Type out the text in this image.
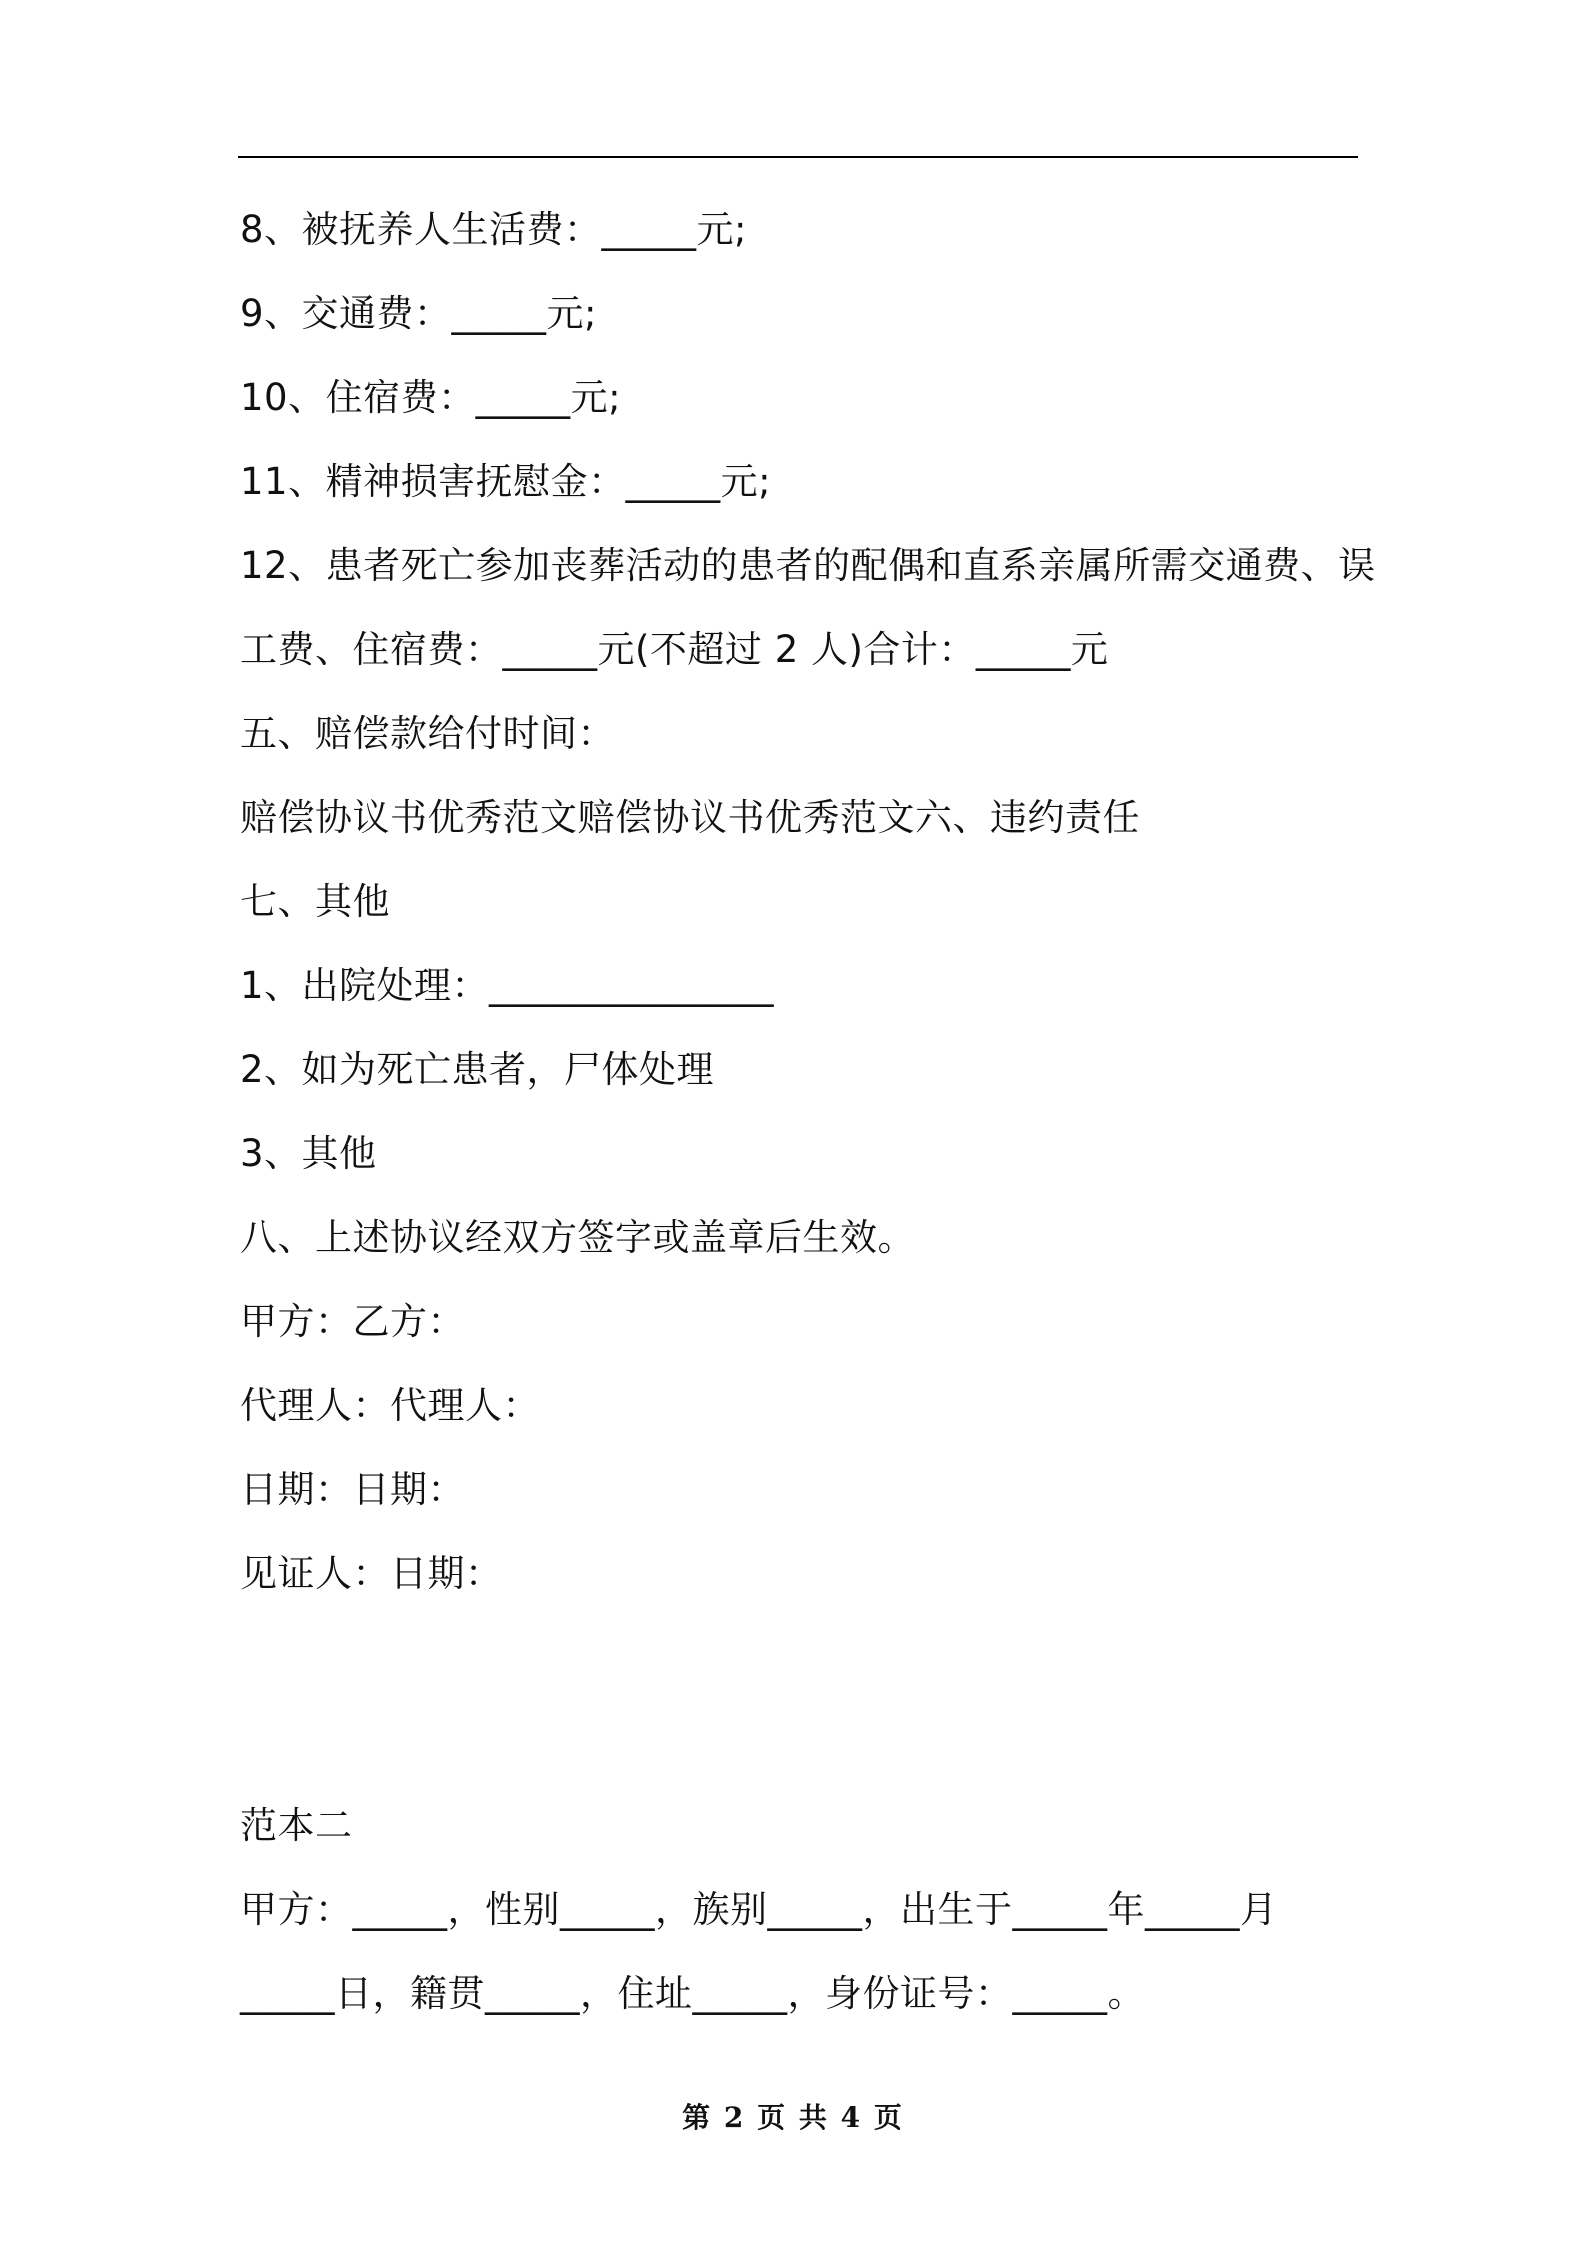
8、被抚养人生活费：_____元;
9、交通费：_____元;
10、住宿费：_____元;
11、精神损害抚慰金：_____元;
12、患者死亡参加丧葬活动的患者的配偶和直系亲属所需交通费、误
工费、住宿费：_____元(不超过 2 人)合计：_____元
五、赔偿款给付时间：
赔偿协议书优秀范文赔偿协议书优秀范文六、违约责任
七、其他
1、出院处理：_______________
2、如为死亡患者，尸体处理
3、其他
八、上述协议经双方签字或盖章后生效。
甲方：乙方：
代理人：代理人：
日期：日期：
见证人：日期：
范本二
甲方：_____，性别_____，族别_____，出生于_____年_____月
_____日，籍贯_____，住址_____，身份证号：_____。
第 2 页 共 4 页
